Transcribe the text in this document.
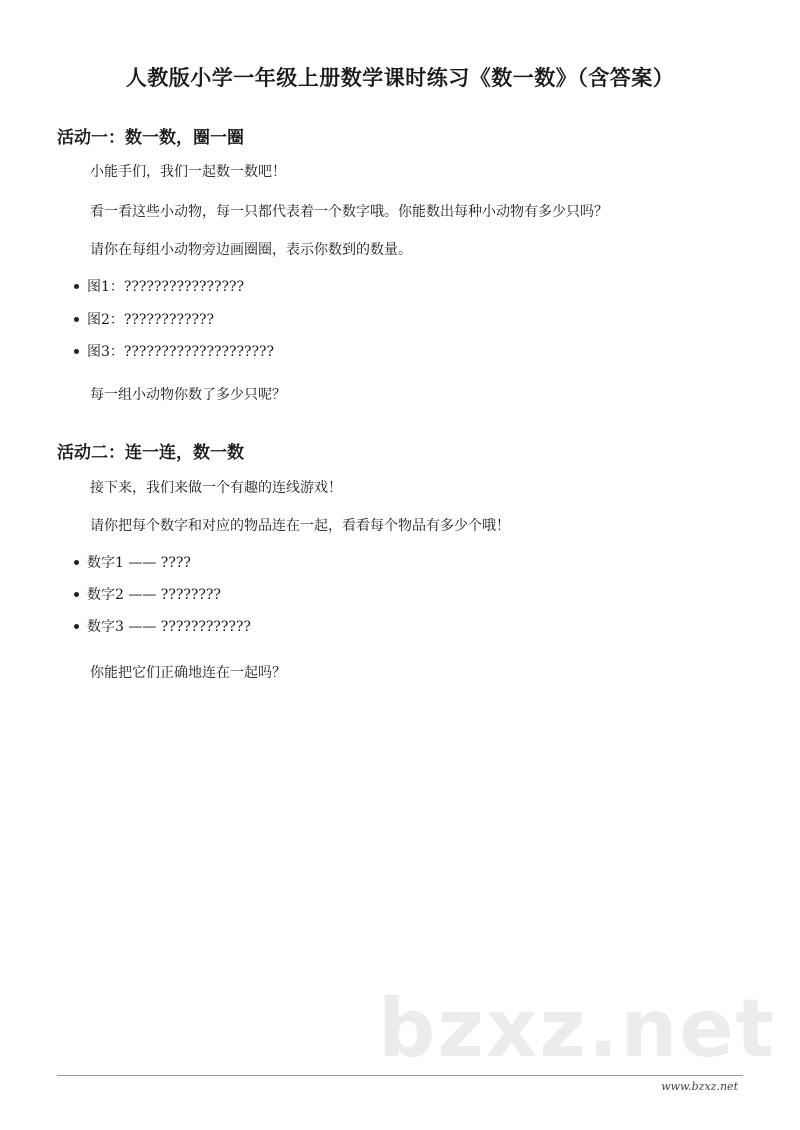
人教版小学一年级上册数学课时练习《数一数》（含答案）
活动一：数一数，圈一圈
小能手们，我们一起数一数吧！
看一看这些小动物，每一只都代表着一个数字哦。你能数出每种小动物有多少只吗？
请你在每组小动物旁边画圈圈，表示你数到的数量。
图1：????????????????
图2：????????????
图3：????????????????????
每一组小动物你数了多少只呢？
活动二：连一连，数一数
接下来，我们来做一个有趣的连线游戏！
请你把每个数字和对应的物品连在一起，看看每个物品有多少个哦！
数字1 —— ????
数字2 —— ????????
数字3 —— ????????????
你能把它们正确地连在一起吗？
bzxz.net
www.bzxz.net
